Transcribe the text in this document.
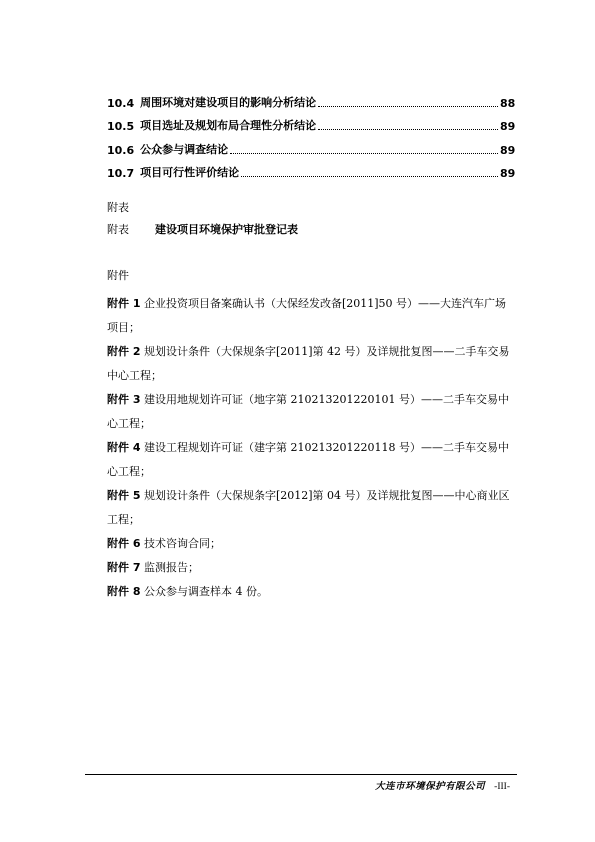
10.4 周围环境对建设项目的影响分析结论	88
10.5 项目选址及规划布局合理性分析结论	89
10.6 公众参与调查结论	89
10.7 项目可行性评价结论	89
附表
附表 建设项目环境保护审批登记表
附件

附件 1 企业投资项目备案确认书（大保经发改备[2011]50 号）——大连汽车广场项目；

附件 2 规划设计条件（大保规条字[2011]第 42 号）及详规批复图——二手车交易中心工程；

附件 3 建设用地规划许可证（地字第 210213201220101 号）——二手车交易中心工程；

附件 4 建设工程规划许可证（建字第 210213201220118 号）——二手车交易中心工程；

附件 5 规划设计条件（大保规条字[2012]第 04 号）及详规批复图——中心商业区工程；

附件 6 技术咨询合同；

附件 7 监测报告；

附件 8 公众参与调查样本 4 份。

大连市环境保护有限公司 -III-
